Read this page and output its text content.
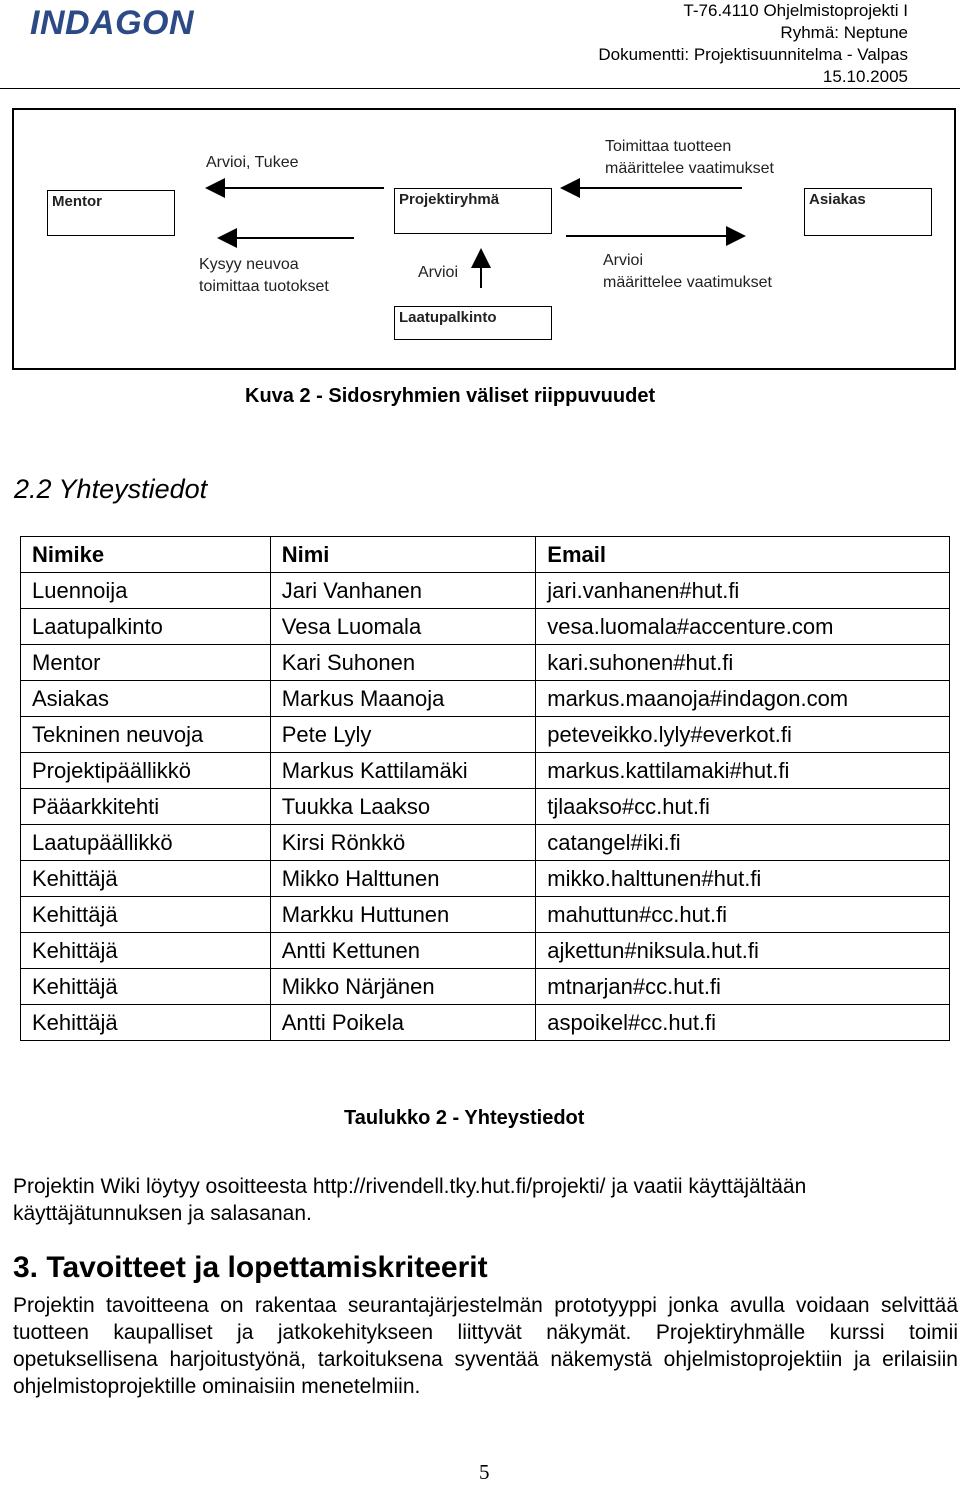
INDAGON	T-76.4110 Ohjelmistoprojekti I
Ryhmä: Neptune
Dokumentti: Projektisuunnitelma - Valpas
15.10.2005
Mentor	Projektiryhmä	Asiakas
Laatupalkinto
Arvioi, Tukee
Kysyy neuvoa
toimittaa tuotokset
Arvioi
Toimittaa tuotteen
määrittelee vaatimukset
Arvioi
määrittelee vaatimukset
Kuva 2 - Sidosryhmien väliset riippuvuudet
2.2 Yhteystiedot
Nimike	Nimi	Email
Luennoija	Jari Vanhanen	jari.vanhanen#hut.fi
Laatupalkinto	Vesa Luomala	vesa.luomala#accenture.com
Mentor	Kari Suhonen	kari.suhonen#hut.fi
Asiakas	Markus Maanoja	markus.maanoja#indagon.com
Tekninen neuvoja	Pete Lyly	peteveikko.lyly#everkot.fi
Projektipäällikkö	Markus Kattilamäki	markus.kattilamaki#hut.fi
Pääarkkitehti	Tuukka Laakso	tjlaakso#cc.hut.fi
Laatupäällikkö	Kirsi Rönkkö	catangel#iki.fi
Kehittäjä	Mikko Halttunen	mikko.halttunen#hut.fi
Kehittäjä	Markku Huttunen	mahuttun#cc.hut.fi
Kehittäjä	Antti Kettunen	ajkettun#niksula.hut.fi
Kehittäjä	Mikko Närjänen	mtnarjan#cc.hut.fi
Kehittäjä	Antti Poikela	aspoikel#cc.hut.fi
Taulukko 2 - Yhteystiedot
Projektin Wiki löytyy osoitteesta http://rivendell.tky.hut.fi/projekti/ ja vaatii käyttäjältään käyttäjätunnuksen ja salasanan.
3. Tavoitteet ja lopettamiskriteerit
Projektin tavoitteena on rakentaa seurantajärjestelmän prototyyppi jonka avulla voidaan selvittää tuotteen kaupalliset ja jatkokehitykseen liittyvät näkymät. Projektiryhmälle kurssi toimii opetuksellisena harjoitustyönä, tarkoituksena syventää näkemystä ohjelmistoprojektiin ja erilaisiin ohjelmistoprojektille ominaisiin menetelmiin.
5
